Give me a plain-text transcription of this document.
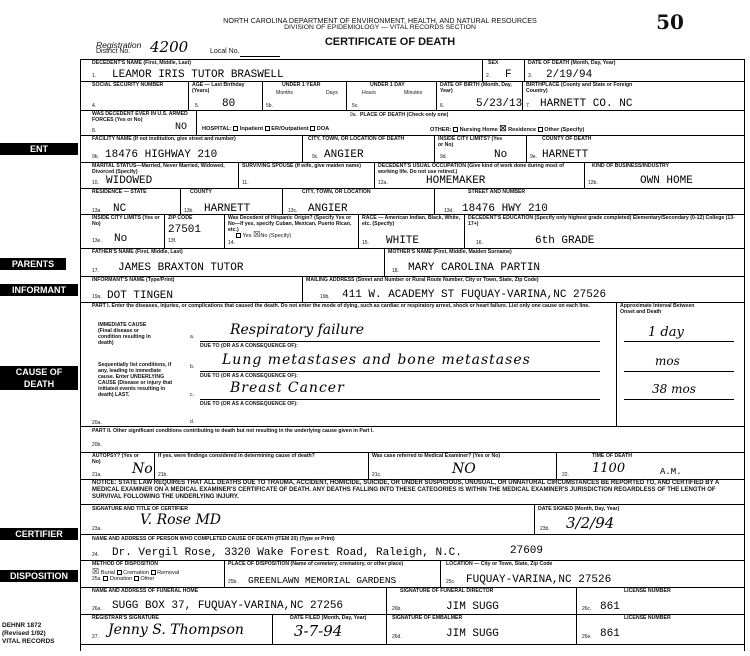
NORTH CAROLINA DEPARTMENT OF ENVIRONMENT, HEALTH, AND NATURAL RESOURCES
DIVISION OF EPIDEMIOLOGY — VITAL RECORDS SECTION	50
CERTIFICATE OF DEATH
Registration
District No. 4200	Local No.
ENT
PARENTS
INFORMANT
CAUSE OF DEATH
CERTIFIER
DISPOSITION
DECEDENT'S NAME (First, Middle, Last)
LEAMOR IRIS TUTOR BRASWELL
1.
SEX
2. F
DATE OF DEATH (Month, Day, Year)
3. 2/19/94
SOCIAL SECURITY NUMBER
4.
AGE — Last Birthday (Years)
5. 80
UNDER 1 YEAR
Months	Days
5b.
UNDER 1 DAY
Hours	Minutes
5c.
DATE OF BIRTH (Month, Day, Year)
6.	5/23/13
BIRTHPLACE (County and State or Foreign Country)
7. HARNETT CO. NC
WAS DECEDENT EVER IN U.S. ARMED FORCES (Yes or No)
8.	NO
PLACE OF DEATH (Check only one)
9a.
HOSPITAL: Inpatient ER/Outpatient DOA	OTHER: Nursing Home ☒ Residence Other (Specify)
FACILITY NAME (If not institution, give street and number)
9b. 18476 HIGHWAY 210
CITY, TOWN, OR LOCATION OF DEATH
9c. ANGIER
INSIDE CITY LIMITS? (Yes or No)
9d.	No
COUNTY OF DEATH
9e. HARNETT
MARITAL STATUS—Married, Never Married, Widowed, Divorced (Specify)
10. WIDOWED
SURVIVING SPOUSE (If wife, give maiden name)
11.
DECEDENT'S USUAL OCCUPATION (Give kind of work done during most of working life. Do not use retired.)
12a.	HOMEMAKER
KIND OF BUSINESS/INDUSTRY
12b.	OWN HOME
RESIDENCE — STATE
13a. NC
COUNTY
13b. HARNETT
CITY, TOWN, OR LOCATION
13c. ANGIER
STREET AND NUMBER
13d. 18476 HWY 210
INSIDE CITY LIMITS (Yes or No)
13e. No
ZIP CODE
13f.
27501
Was Decedent of Hispanic Origin? (Specify Yes or No—If yes, specify Cuban, Mexican, Puerto Rican, etc.)
Yes ☒No (Specify)
14.
RACE — American Indian, Black, White, etc. (Specify)
15. WHITE
DECEDENT'S EDUCATION (Specify only highest grade completed) Elementary/Secondary (0-12) College (13-17+)
16.	6th GRADE
FATHER'S NAME (First, Middle, Last)
17. JAMES BRAXTON TUTOR
MOTHER'S NAME (First, Middle, Maiden Surname)
18. MARY CAROLINA PARTIN
INFORMANT'S NAME (Type/Print)
19a. DOT TINGEN
MAILING ADDRESS (Street and Number or Rural Route Number, City or Town, State, Zip Code)
19b. 411 W. ACADEMY ST FUQUAY-VARINA,NC 27526
PART I. Enter the diseases, injuries, or complications that caused the death. Do not enter the mode of dying, such as cardiac or respiratory arrest, shock or heart failure. List only one cause on each line.	Approximate Interval Between Onset and Death
IMMEDIATE CAUSE (Final disease or condition resulting in death)
a.	Respiratory failure	1 day
DUE TO (OR AS A CONSEQUENCE OF):
Sequentially list conditions, if any, leading to immediate cause. Enter UNDERLYING CAUSE (Disease or injury that initiated events resulting in death) LAST.
b. Lung metastases and bone metastases	mos
DUE TO (OR AS A CONSEQUENCE OF):
c.	Breast Cancer	38 mos
DUE TO (OR AS A CONSEQUENCE OF):
d.
20a.
PART II. Other significant conditions contributing to death but not resulting in the underlying cause given in Part I.
20b.
AUTOPSY? (Yes or No)
21a. No
If yes, were findings considered in determining cause of death?
21b.
Was case referred to Medical Examiner? (Yes or No)
21c.	NO
TIME OF DEATH
22. 1100	A.M.
NOTICE: STATE LAW REQUIRES THAT ALL DEATHS DUE TO TRAUMA, ACCIDENT, HOMICIDE, SUICIDE, OR UNDER SUSPICIOUS, UNUSUAL, OR UNNATURAL CIRCUMSTANCES BE REPORTED TO, AND CERTIFIED BY A MEDICAL EXAMINER ON A MEDICAL EXAMINER'S CERTIFICATE OF DEATH. ANY DEATHS FALLING INTO THESE CATEGORIES IS WITHIN THE MEDICAL EXAMINER'S JURISDICTION REGARDLESS OF THE LENGTH OF SURVIVAL FOLLOWING THE UNDERLYING INJURY.
SIGNATURE AND TITLE OF CERTIFIER
23a.
V. Rose MD
DATE SIGNED (Month, Day, Year)
23b. 3/2/94
NAME AND ADDRESS OF PERSON WHO COMPLETED CAUSE OF DEATH (ITEM 20) (Type or Print)
24. Dr. Vergil Rose, 3320 Wake Forest Road, Raleigh, N.C.	27609
METHOD OF DISPOSITION
☒ Burial Cremation Removal
25a. Donation Other
PLACE OF DISPOSITION (Name of cemetery, crematory, or other place)
25b. GREENLAWN MEMORIAL GARDENS
LOCATION — City or Town, State, Zip Code
25c. FUQUAY-VARINA,NC 27526
NAME AND ADDRESS OF FUNERAL HOME
26a. SUGG BOX 37, FUQUAY-VARINA,NC 27256
SIGNATURE OF FUNERAL DIRECTOR
26b.	JIM SUGG
LICENSE NUMBER
26c. 861
REGISTRAR'S SIGNATURE
27. Jenny S. Thompson
DATE FILED (Month, Day, Year)
3-7-94
SIGNATURE OF EMBALMER
26d.	JIM SUGG
LICENSE NUMBER
26e. 861
DEHNR 1872
(Revised 1/92)
VITAL RECORDS
